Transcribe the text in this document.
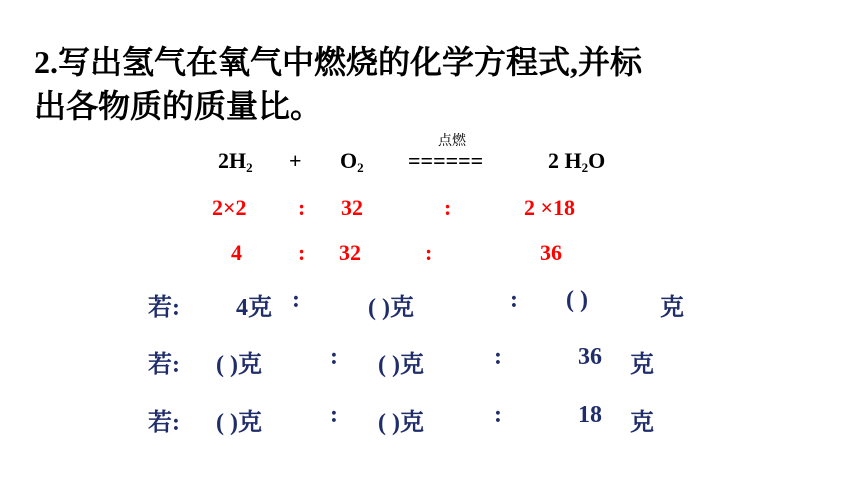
2.写出氢气在氧气中燃烧的化学方程式,并标
出各物质的质量比。
点燃
$2H_2 + O_2$ ======	2 $H_2O$
2×2 : 32	:	2 ×18
4	: 32	:	36
若: 4克 :	( )克	: ( )	克
若: ( )克	: ( )克	:	36 克
若: ( )克	: ( )克	:	18 克
